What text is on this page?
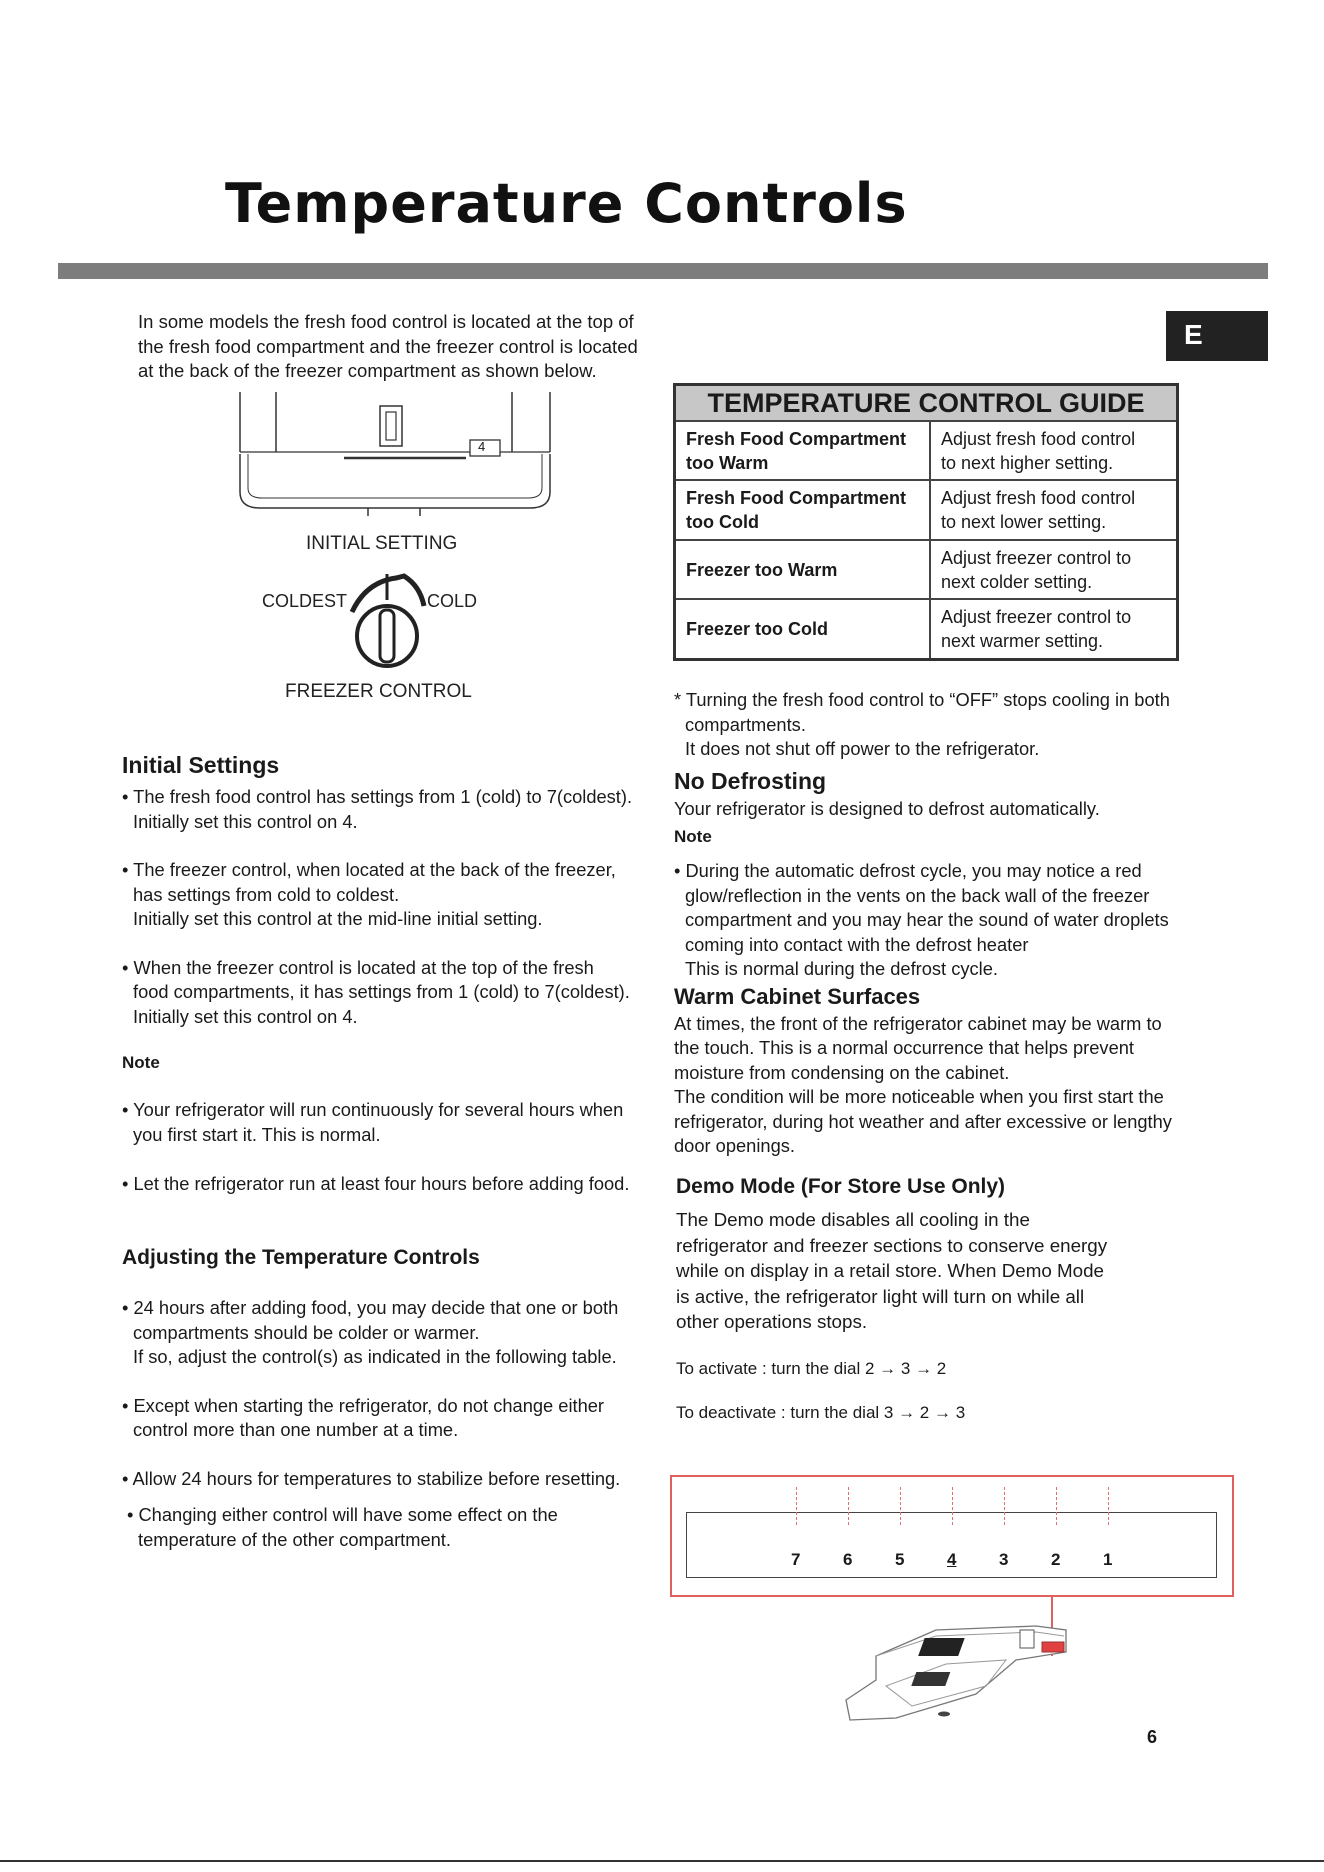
Temperature Controls
E
In some models the fresh food control is located at the top of
the fresh food compartment and the freezer control is located
at the back of the freezer compartment as shown below.
4
INITIAL SETTING
COLDEST	COLD
FREEZER CONTROL
Initial Settings
• The fresh food control has settings from 1 (cold) to 7(coldest).
Initially set this control on 4.
• The freezer control, when located at the back of the freezer,
has settings from cold to coldest.
Initially set this control at the mid-line initial setting.
• When the freezer control is located at the top of the fresh
food compartments, it has settings from 1 (cold) to 7(coldest).
Initially set this control on 4.
Note
• Your refrigerator will run continuously for several hours when
you first start it. This is normal.
• Let the refrigerator run at least four hours before adding food.
Adjusting the Temperature Controls
• 24 hours after adding food, you may decide that one or both
compartments should be colder or warmer.
If so, adjust the control(s) as indicated in the following table.
• Except when starting the refrigerator, do not change either
control more than one number at a time.
• Allow 24 hours for temperatures to stabilize before resetting.
• Changing either control will have some effect on the
temperature of the other compartment.
TEMPERATURE CONTROL GUIDE	
Fresh Food Compartment
too Warm	Adjust fresh food control
to next higher setting.
Fresh Food Compartment
too Cold	Adjust fresh food control
to next lower setting.
Freezer too Warm	Adjust freezer control to
next colder setting.
Freezer too Cold	Adjust freezer control to
next warmer setting.
* Turning the fresh food control to “OFF” stops cooling in both
compartments.
It does not shut off power to the refrigerator.
No Defrosting
Your refrigerator is designed to defrost automatically.
Note
• During the automatic defrost cycle, you may notice a red
glow/reflection in the vents on the back wall of the freezer
compartment and you may hear the sound of water droplets
coming into contact with the defrost heater
This is normal during the defrost cycle.
Warm Cabinet Surfaces
At times, the front of the refrigerator cabinet may be warm to
the touch. This is a normal occurrence that helps prevent
moisture from condensing on the cabinet.
The condition will be more noticeable when you first start the
refrigerator, during hot weather and after excessive or lengthy
door openings.
Demo Mode (For Store Use Only)
The Demo mode disables all cooling in the
refrigerator and freezer sections to conserve energy
while on display in a retail store. When Demo Mode
is active, the refrigerator light will turn on while all
other operations stops.
To activate : turn the dial 2 → 3 → 2
To deactivate : turn the dial 3 → 2 → 3
7	6	5	4	3	2	1
6
